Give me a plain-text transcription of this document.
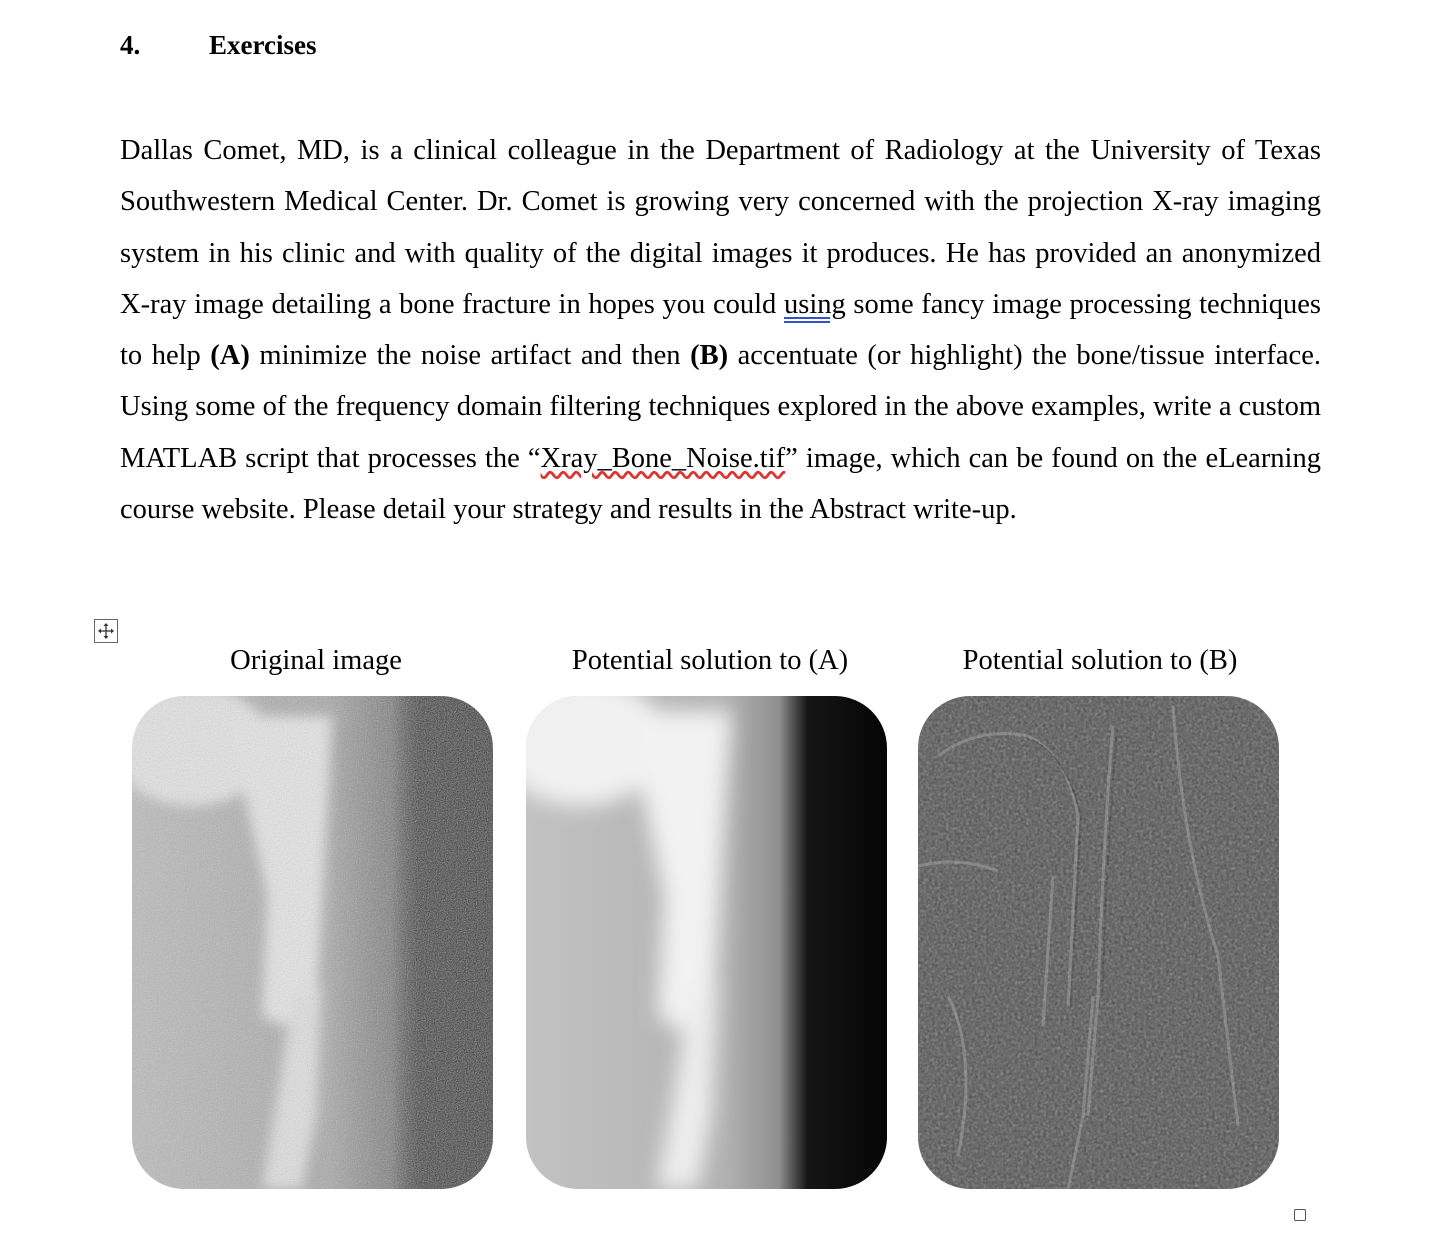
4.	Exercises
Dallas Comet, MD, is a clinical colleague in the Department of Radiology at the University of Texas Southwestern Medical Center. Dr. Comet is growing very concerned with the projection X-ray imaging system in his clinic and with quality of the digital images it produces. He has provided an anonymized X-ray image detailing a bone fracture in hopes you could using some fancy image processing techniques to help (A) minimize the noise artifact and then (B) accentuate (or highlight) the bone/tissue interface. Using some of the frequency domain filtering techniques explored in the above examples, write a custom MATLAB script that processes the “Xray_Bone_Noise.tif” image, which can be found on the eLearning course website. Please detail your strategy and results in the Abstract write-up.
Original image	Potential solution to (A)	Potential solution to (B)
